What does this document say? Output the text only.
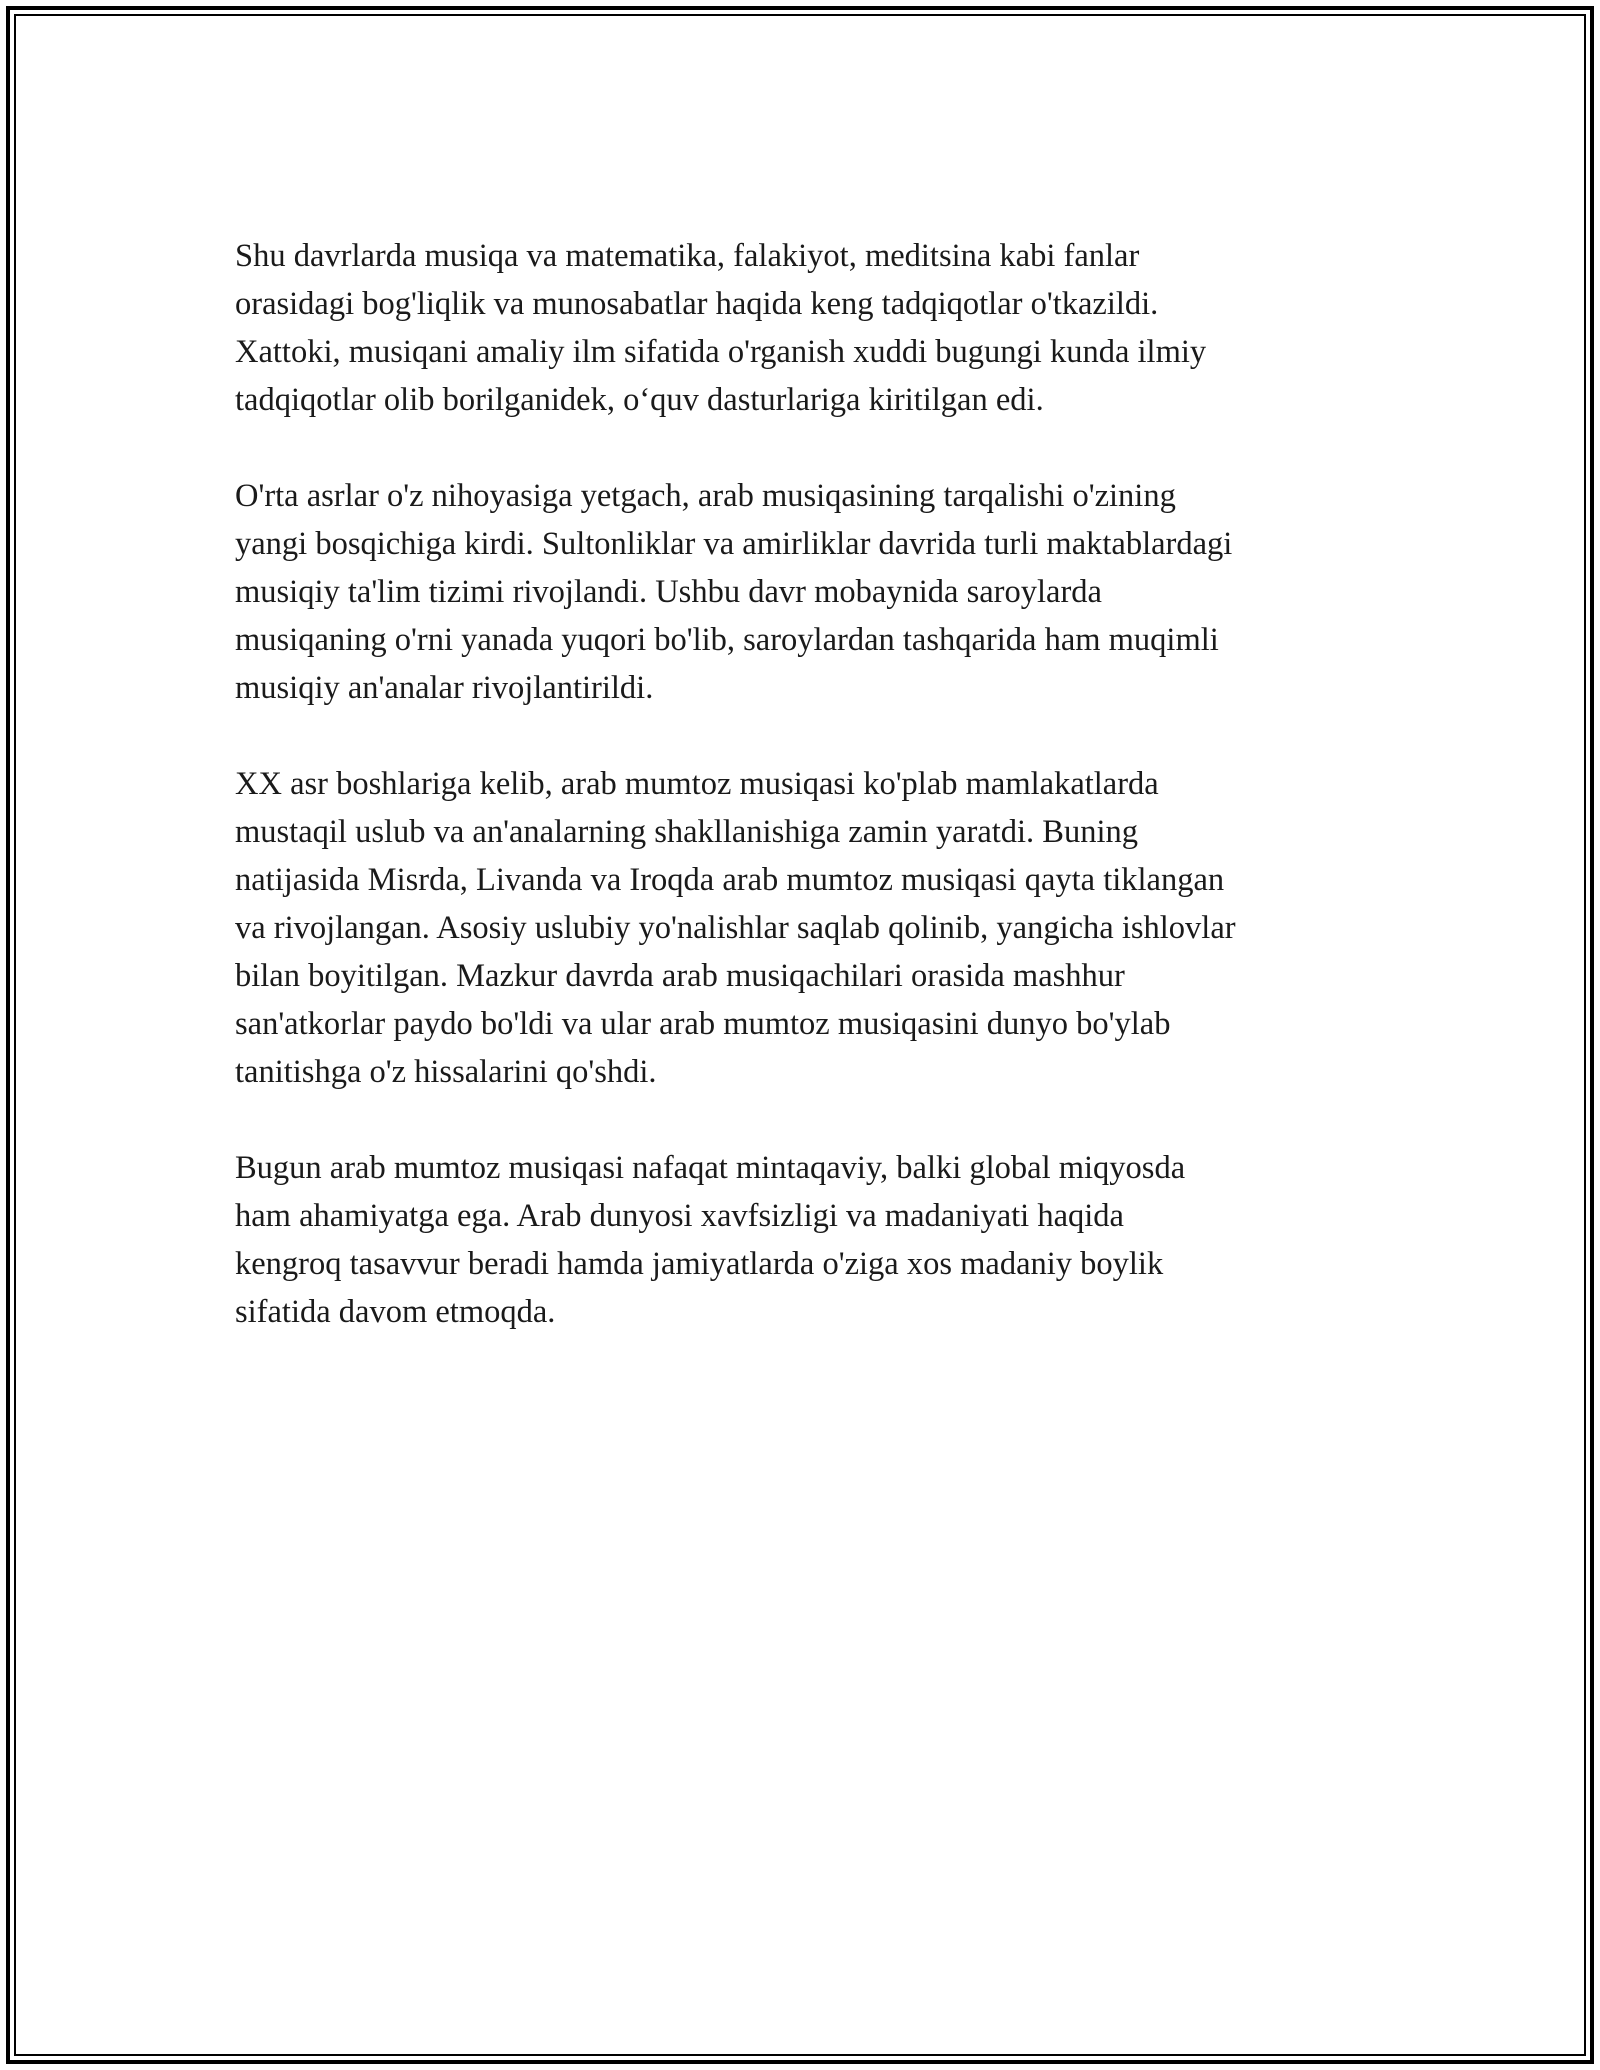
Shu davrlarda musiqa va matematika, falakiyot, meditsina kabi fanlar
orasidagi bog'liqlik va munosabatlar haqida keng tadqiqotlar o'tkazildi.
Xattoki, musiqani amaliy ilm sifatida o'rganish xuddi bugungi kunda ilmiy
tadqiqotlar olib borilganidek, o‘quv dasturlariga kiritilgan edi.

O'rta asrlar o'z nihoyasiga yetgach, arab musiqasining tarqalishi o'zining
yangi bosqichiga kirdi. Sultonliklar va amirliklar davrida turli maktablardagi
musiqiy ta'lim tizimi rivojlandi. Ushbu davr mobaynida saroylarda
musiqaning o'rni yanada yuqori bo'lib, saroylardan tashqarida ham muqimli
musiqiy an'analar rivojlantirildi.

XX asr boshlariga kelib, arab mumtoz musiqasi ko'plab mamlakatlarda
mustaqil uslub va an'analarning shakllanishiga zamin yaratdi. Buning
natijasida Misrda, Livanda va Iroqda arab mumtoz musiqasi qayta tiklangan
va rivojlangan. Asosiy uslubiy yo'nalishlar saqlab qolinib, yangicha ishlovlar
bilan boyitilgan. Mazkur davrda arab musiqachilari orasida mashhur
san'atkorlar paydo bo'ldi va ular arab mumtoz musiqasini dunyo bo'ylab
tanitishga o'z hissalarini qo'shdi.

Bugun arab mumtoz musiqasi nafaqat mintaqaviy, balki global miqyosda
ham ahamiyatga ega. Arab dunyosi xavfsizligi va madaniyati haqida
kengroq tasavvur beradi hamda jamiyatlarda o'ziga xos madaniy boylik
sifatida davom etmoqda.
